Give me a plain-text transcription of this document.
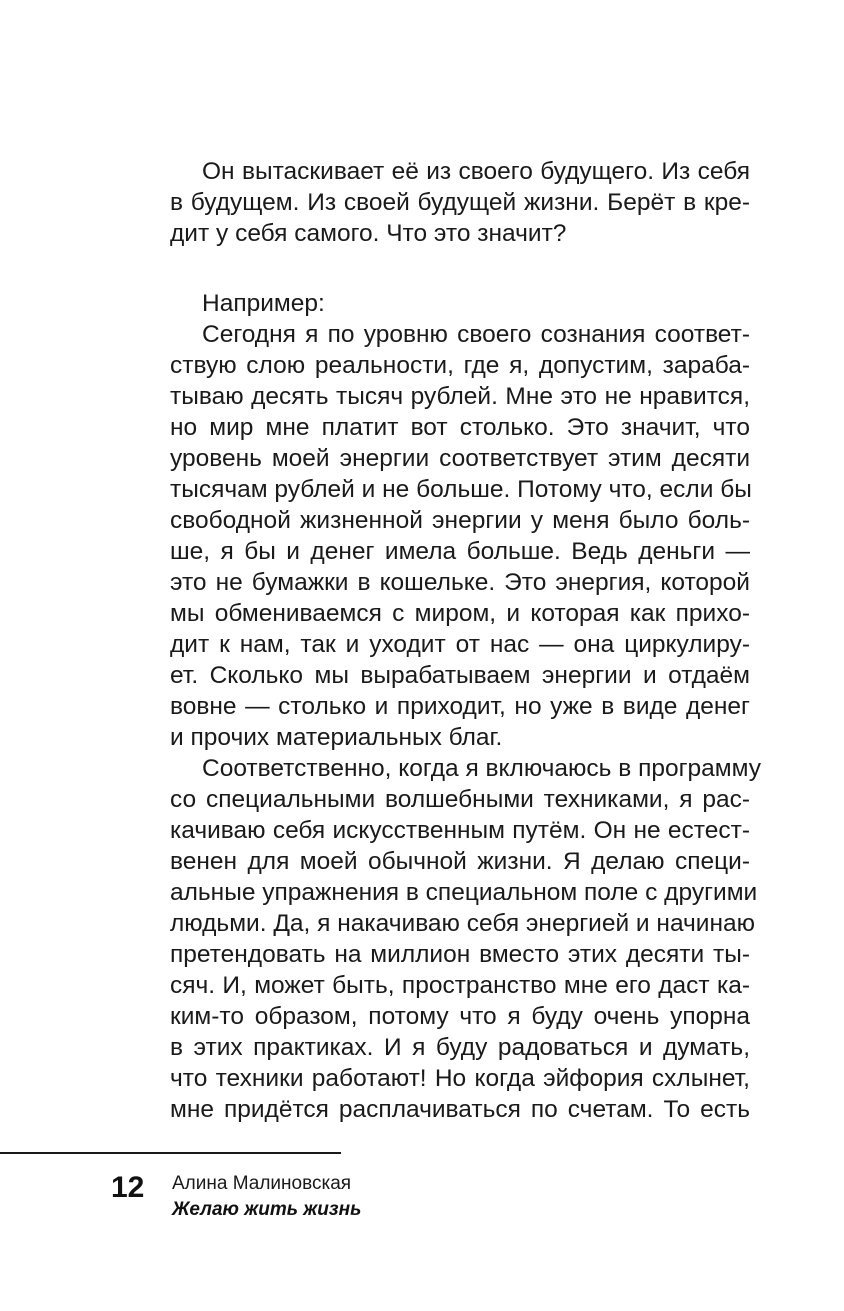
Он вытаскивает её из своего будущего. Из себя
в будущем. Из своей будущей жизни. Берёт в кре-
дит у себя самого. Что это значит?
Например:
Сегодня я по уровню своего сознания соответ-
ствую слою реальности, где я, допустим, зараба-
тываю десять тысяч рублей. Мне это не нравится,
но мир мне платит вот столько. Это значит, что
уровень моей энергии соответствует этим десяти
тысячам рублей и не больше. Потому что, если бы
свободной жизненной энергии у меня было боль-
ше, я бы и денег имела больше. Ведь деньги —
это не бумажки в кошельке. Это энергия, которой
мы обмениваемся с миром, и которая как прихо-
дит к нам, так и уходит от нас — она циркулиру-
ет. Сколько мы вырабатываем энергии и отдаём
вовне — столько и приходит, но уже в виде денег
и прочих материальных благ.
Соответственно, когда я включаюсь в программу
со специальными волшебными техниками, я рас-
качиваю себя искусственным путём. Он не естест-
венен для моей обычной жизни. Я делаю специ-
альные упражнения в специальном поле с другими
людьми. Да, я накачиваю себя энергией и начинаю
претендовать на миллион вместо этих десяти ты-
сяч. И, может быть, пространство мне его даст ка-
ким-то образом, потому что я буду очень упорна
в этих практиках. И я буду радоваться и думать,
что техники работают! Но когда эйфория схлынет,
мне придётся расплачиваться по счетам. То есть
12 Алина Малиновская
Желаю жить жизнь
